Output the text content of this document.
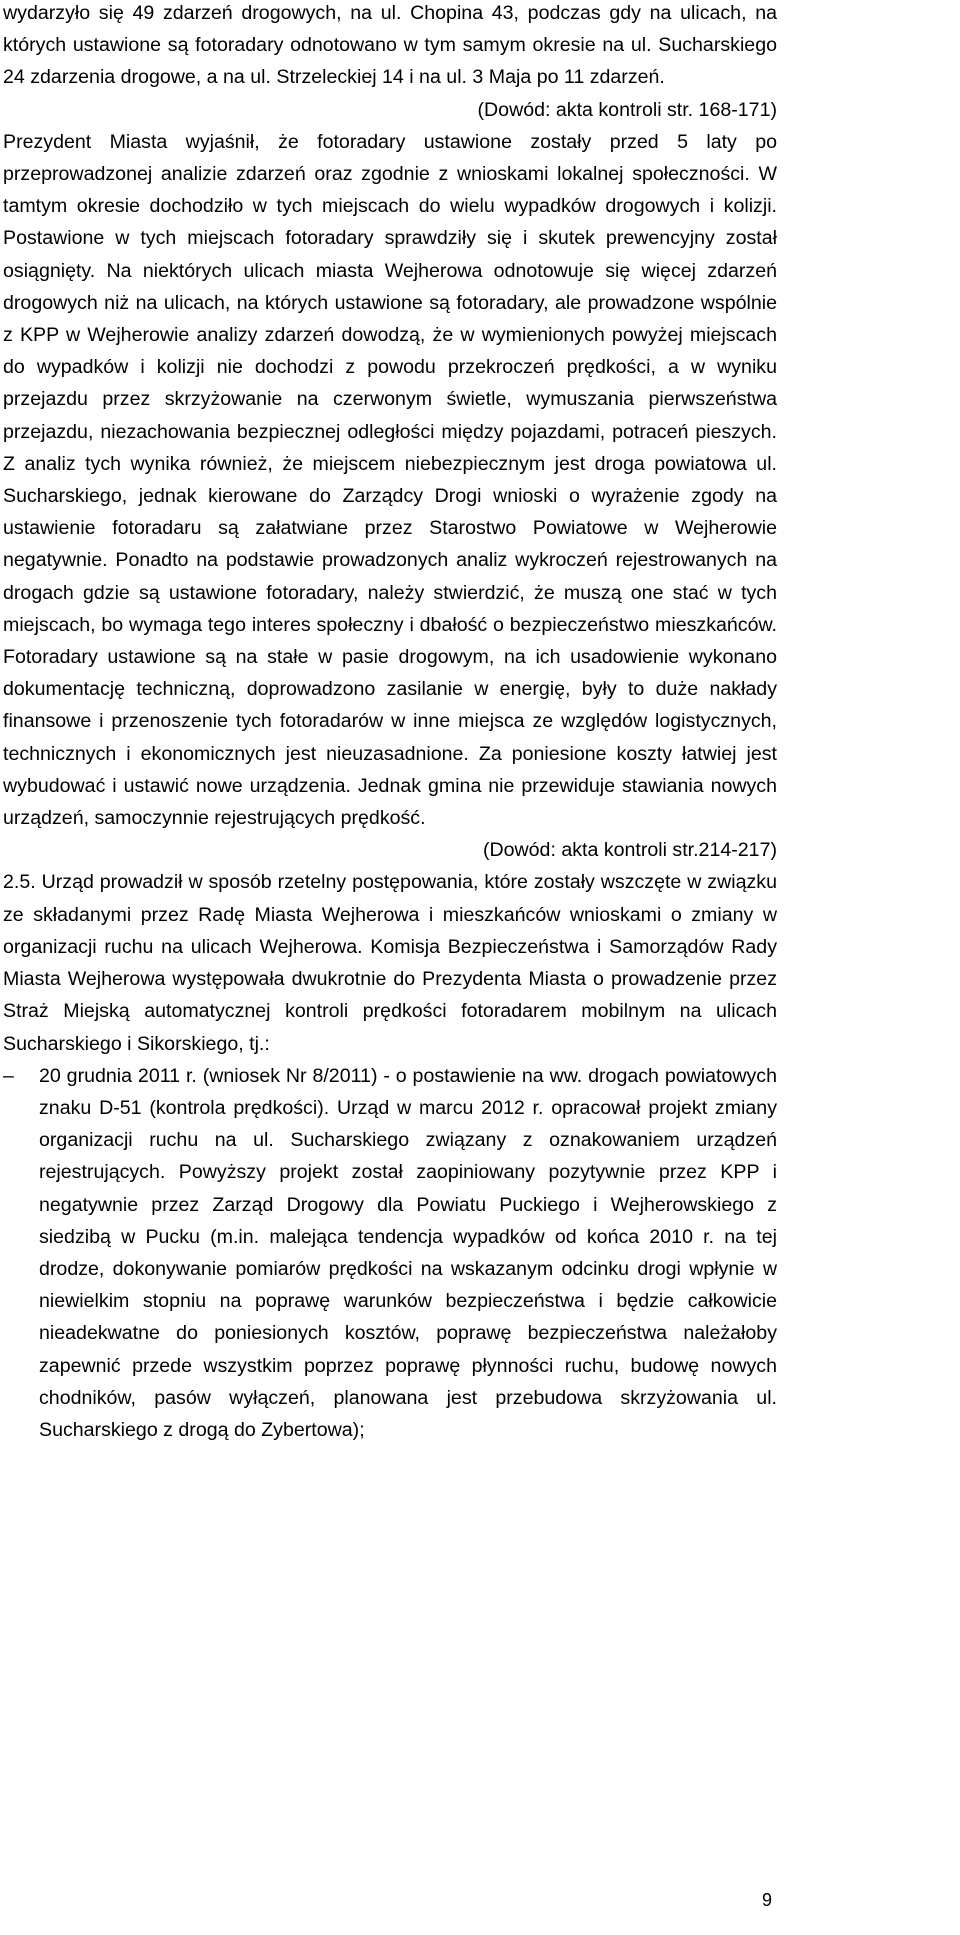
wydarzyło się 49 zdarzeń drogowych, na ul. Chopina 43, podczas gdy na ulicach, na których ustawione są fotoradary odnotowano w tym samym okresie na ul. Sucharskiego 24 zdarzenia drogowe, a na ul. Strzeleckiej 14 i na ul. 3 Maja po 11 zdarzeń.

(Dowód: akta kontroli str. 168-171)

Prezydent Miasta wyjaśnił, że fotoradary ustawione zostały przed 5 laty po przeprowadzonej analizie zdarzeń oraz zgodnie z wnioskami lokalnej społeczności. W tamtym okresie dochodziło w tych miejscach do wielu wypadków drogowych i kolizji. Postawione w tych miejscach fotoradary sprawdziły się i skutek prewencyjny został osiągnięty. Na niektórych ulicach miasta Wejherowa odnotowuje się więcej zdarzeń drogowych niż na ulicach, na których ustawione są fotoradary, ale prowadzone wspólnie z KPP w Wejherowie analizy zdarzeń dowodzą, że w wymienionych powyżej miejscach do wypadków i kolizji nie dochodzi z powodu przekroczeń prędkości, a w wyniku przejazdu przez skrzyżowanie na czerwonym świetle, wymuszania pierwszeństwa przejazdu, niezachowania bezpiecznej odległości między pojazdami, potraceń pieszych. Z analiz tych wynika również, że miejscem niebezpiecznym jest droga powiatowa ul. Sucharskiego, jednak kierowane do Zarządcy Drogi wnioski o wyrażenie zgody na ustawienie fotoradaru są załatwiane przez Starostwo Powiatowe w Wejherowie negatywnie. Ponadto na podstawie prowadzonych analiz wykroczeń rejestrowanych na drogach gdzie są ustawione fotoradary, należy stwierdzić, że muszą one stać w tych miejscach, bo wymaga tego interes społeczny i dbałość o bezpieczeństwo mieszkańców. Fotoradary ustawione są na stałe w pasie drogowym, na ich usadowienie wykonano dokumentację techniczną, doprowadzono zasilanie w energię, były to duże nakłady finansowe i przenoszenie tych fotoradarów w inne miejsca ze względów logistycznych, technicznych i ekonomicznych jest nieuzasadnione. Za poniesione koszty łatwiej jest wybudować i ustawić nowe urządzenia. Jednak gmina nie przewiduje stawiania nowych urządzeń, samoczynnie rejestrujących prędkość.

(Dowód: akta kontroli str.214-217)

2.5. Urząd prowadził w sposób rzetelny postępowania, które zostały wszczęte w związku ze składanymi przez Radę Miasta Wejherowa i mieszkańców wnioskami o zmiany w organizacji ruchu na ulicach Wejherowa. Komisja Bezpieczeństwa i Samorządów Rady Miasta Wejherowa występowała dwukrotnie do Prezydenta Miasta o prowadzenie przez Straż Miejską automatycznej kontroli prędkości fotoradarem mobilnym na ulicach Sucharskiego i Sikorskiego, tj.:

–	20 grudnia 2011 r. (wniosek Nr 8/2011) - o postawienie na ww. drogach powiatowych znaku D-51 (kontrola prędkości). Urząd w marcu 2012 r. opracował projekt zmiany organizacji ruchu na ul. Sucharskiego związany z oznakowaniem urządzeń rejestrujących. Powyższy projekt został zaopiniowany pozytywnie przez KPP i negatywnie przez Zarząd Drogowy dla Powiatu Puckiego i Wejherowskiego z siedzibą w Pucku (m.in. malejąca tendencja wypadków od końca 2010 r. na tej drodze, dokonywanie pomiarów prędkości na wskazanym odcinku drogi wpłynie w niewielkim stopniu na poprawę warunków bezpieczeństwa i będzie całkowicie nieadekwatne do poniesionych kosztów, poprawę bezpieczeństwa należałoby zapewnić przede wszystkim poprzez poprawę płynności ruchu, budowę nowych chodników, pasów wyłączeń, planowana jest przebudowa skrzyżowania ul. Sucharskiego z drogą do Zybertowa);
9
